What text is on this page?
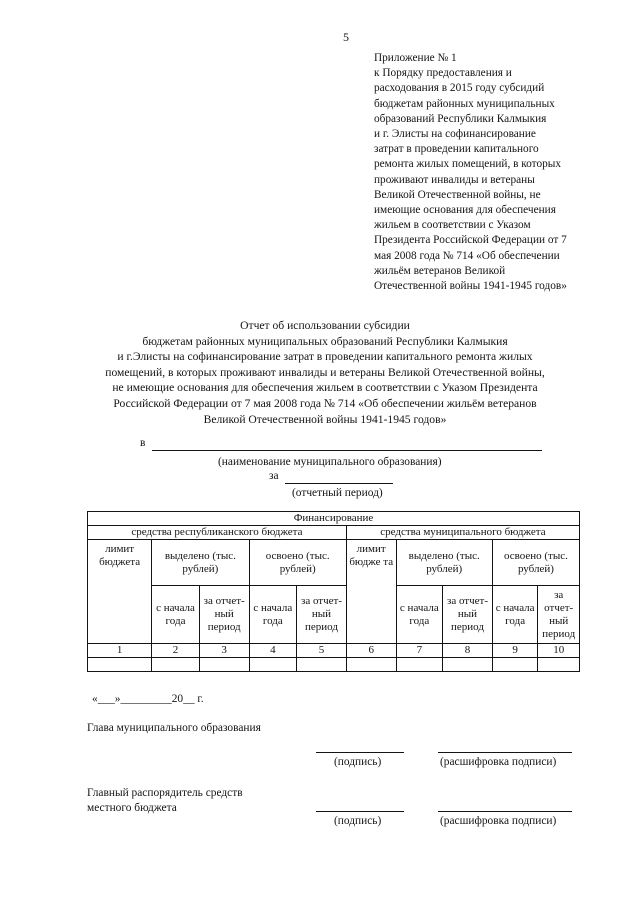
5
Приложение № 1
к Порядку предоставления и
расходования в 2015 году субсидий
бюджетам районных муниципальных
образований Республики Калмыкия
и г. Элисты на софинансирование
затрат в проведении капитального
ремонта жилых помещений, в которых
проживают инвалиды и ветераны
Великой Отечественной войны, не
имеющие основания для обеспечения
жильем в соответствии с Указом
Президента Российской Федерации от 7
мая 2008 года № 714 «Об обеспечении
жильём ветеранов Великой
Отечественной войны 1941-1945 годов»
Отчет об использовании субсидии
бюджетам районных муниципальных образований Республики Калмыкия
и г.Элисты на софинансирование затрат в проведении капитального ремонта жилых
помещений, в которых проживают инвалиды и ветераны Великой Отечественной войны,
не имеющие основания для обеспечения жильем в соответствии с Указом Президента
Российской Федерации от 7 мая 2008 года № 714 «Об обеспечении жильём ветеранов
Великой Отечественной войны 1941-1945 годов»
в
(наименование муниципального образования)
за
(отчетный период)
Финансирование									
средства республиканского бюджета					средства муниципального бюджета				
лимит бюджета	выделено (тыс. рублей)		освоено (тыс. рублей)		лимит бюдже та	выделено (тыс. рублей)		освоено (тыс. рублей)	
	с начала года	за отчет- ный период	с начала года	за отчет- ный период		с начала года	за отчет- ный период	с начала года	за отчет- ный период
1	2	3	4	5	6	7	8	9	10

«___»_________20__ г.
Глава муниципального образования
(подпись)	(расшифровка подписи)
Главный распорядитель средств
местного бюджета
(подпись)	(расшифровка подписи)
